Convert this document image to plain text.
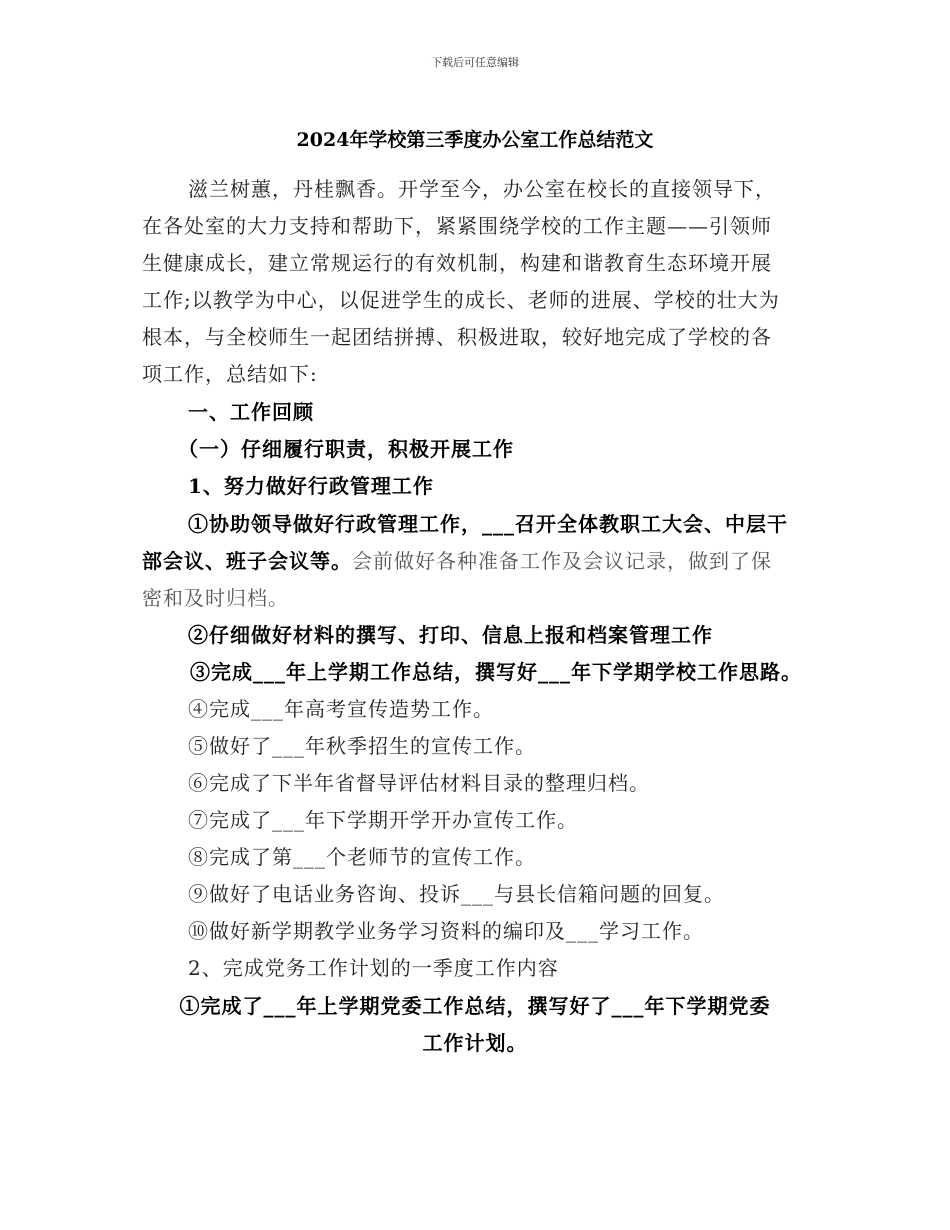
下载后可任意编辑
2024年学校第三季度办公室工作总结范文
滋兰树蕙，丹桂飘香。开学至今，办公室在校长的直接领导下，
在各处室的大力支持和帮助下，紧紧围绕学校的工作主题——引领师
生健康成长，建立常规运行的有效机制，构建和谐教育生态环境开展
工作;以教学为中心，以促进学生的成长、老师的进展、学校的壮大为
根本，与全校师生一起团结拼搏、积极进取，较好地完成了学校的各
项工作，总结如下:
一、工作回顾
（一）仔细履行职责，积极开展工作
1、努力做好行政管理工作
①协助领导做好行政管理工作，___召开全体教职工大会、中层干
部会议、班子会议等。会前做好各种准备工作及会议记录，做到了保
密和及时归档。
②仔细做好材料的撰写、打印、信息上报和档案管理工作
③完成___年上学期工作总结，撰写好___年下学期学校工作思路。
④完成___年高考宣传造势工作。
⑤做好了___年秋季招生的宣传工作。
⑥完成了下半年省督导评估材料目录的整理归档。
⑦完成了___年下学期开学开办宣传工作。
⑧完成了第___个老师节的宣传工作。
⑨做好了电话业务咨询、投诉___与县长信箱问题的回复。
⑩做好新学期教学业务学习资料的编印及___学习工作。
2、完成党务工作计划的一季度工作内容
①完成了___年上学期党委工作总结，撰写好了___年下学期党委
工作计划。
